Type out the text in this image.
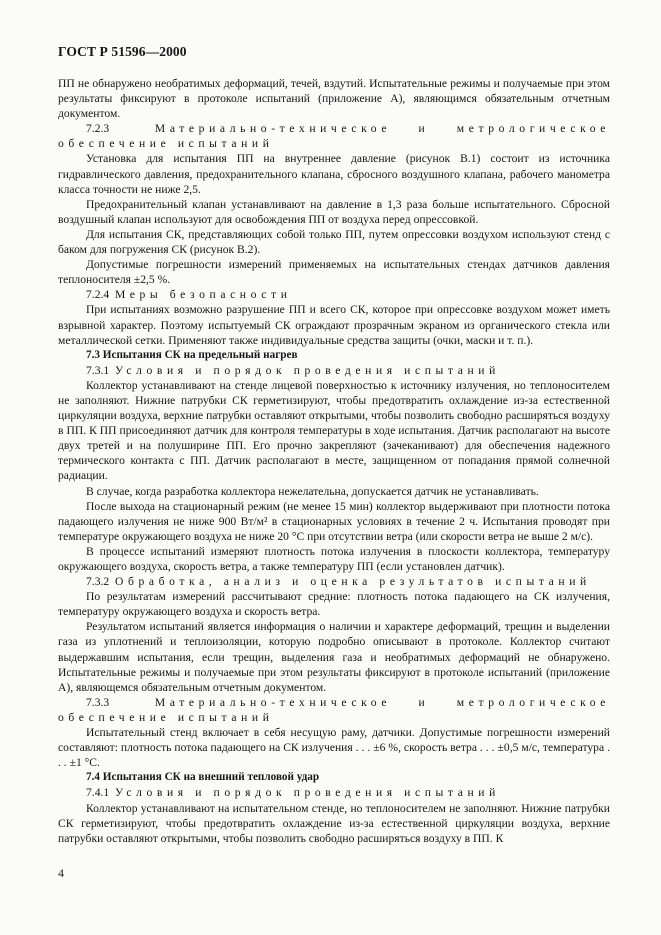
ГОСТ Р 51596—2000
ПП не обнаружено необратимых деформаций, течей, вздутий. Испытательные режимы и получаемые при этом результаты фиксируют в протоколе испытаний (приложение А), являющимся обязательным отчетным документом.
7.2.3	Материально-техническое и метрологическое обеспечение испытаний
Установка для испытания ПП на внутреннее давление (рисунок В.1) состоит из источника гидравлического давления, предохранительного клапана, сбросного воздушного клапана, рабочего манометра класса точности не ниже 2,5.
Предохранительный клапан устанавливают на давление в 1,3 раза больше испытательного. Сбросной воздушный клапан используют для освобождения ПП от воздуха перед опрессовкой.
Для испытания СК, представляющих собой только ПП, путем опрессовки воздухом используют стенд с баком для погружения СК (рисунок В.2).
Допустимые погрешности измерений применяемых на испытательных стендах датчиков давления теплоносителя ±2,5 %.
7.2.4 Меры безопасности
При испытаниях возможно разрушение ПП и всего СК, которое при опрессовке воздухом может иметь взрывной характер. Поэтому испытуемый СК ограждают прозрачным экраном из органического стекла или металлической сетки. Применяют также индивидуальные средства защиты (очки, маски и т. п.).
7.3 Испытания СК на предельный нагрев
7.3.1 Условия и порядок проведения испытаний
Коллектор устанавливают на стенде лицевой поверхностью к источнику излучения, но теплоносителем не заполняют. Нижние патрубки СК герметизируют, чтобы предотвратить охлаждение из-за естественной циркуляции воздуха, верхние патрубки оставляют открытыми, чтобы позволить свободно расширяться воздуху в ПП. К ПП присоединяют датчик для контроля температуры в ходе испытания. Датчик располагают на высоте двух третей и на полуширине ПП. Его прочно закрепляют (зачеканивают) для обеспечения надежного термического контакта с ПП. Датчик располагают в месте, защищенном от попадания прямой солнечной радиации.
В случае, когда разработка коллектора нежелательна, допускается датчик не устанавливать.
После выхода на стационарный режим (не менее 15 мин) коллектор выдерживают при плотности потока падающего излучения не ниже 900 Вт/м² в стационарных условиях в течение 2 ч. Испытания проводят при температуре окружающего воздуха не ниже 20 °С при отсутствии ветра (или скорости ветра не выше 2 м/с).
В процессе испытаний измеряют плотность потока излучения в плоскости коллектора, температуру окружающего воздуха, скорость ветра, а также температуру ПП (если установлен датчик).
7.3.2 Обработка, анализ и оценка результатов испытаний
По результатам измерений рассчитывают средние: плотность потока падающего на СК излучения, температуру окружающего воздуха и скорость ветра.
Результатом испытаний является информация о наличии и характере деформаций, трещин и выделении газа из уплотнений и теплоизоляции, которую подробно описывают в протоколе. Коллектор считают выдержавшим испытания, если трещин, выделения газа и необратимых деформаций не обнаружено. Испытательные режимы и получаемые при этом результаты фиксируют в протоколе испытаний (приложение А), являющемся обязательным отчетным документом.
7.3.3	Материально-техническое и метрологическое обеспечение испытаний
Испытательный стенд включает в себя несущую раму, датчики. Допустимые погрешности измерений составляют: плотность потока падающего на СК излучения . . . ±6 %, скорость ветра . . . ±0,5 м/с, температура . . . ±1 °С.
7.4 Испытания СК на внешний тепловой удар
7.4.1 Условия и порядок проведения испытаний
Коллектор устанавливают на испытательном стенде, но теплоносителем не заполняют. Нижние патрубки СК герметизируют, чтобы предотвратить охлаждение из-за естественной циркуляции воздуха, верхние патрубки оставляют открытыми, чтобы позволить свободно расширяться воздуху в ПП. К
4
